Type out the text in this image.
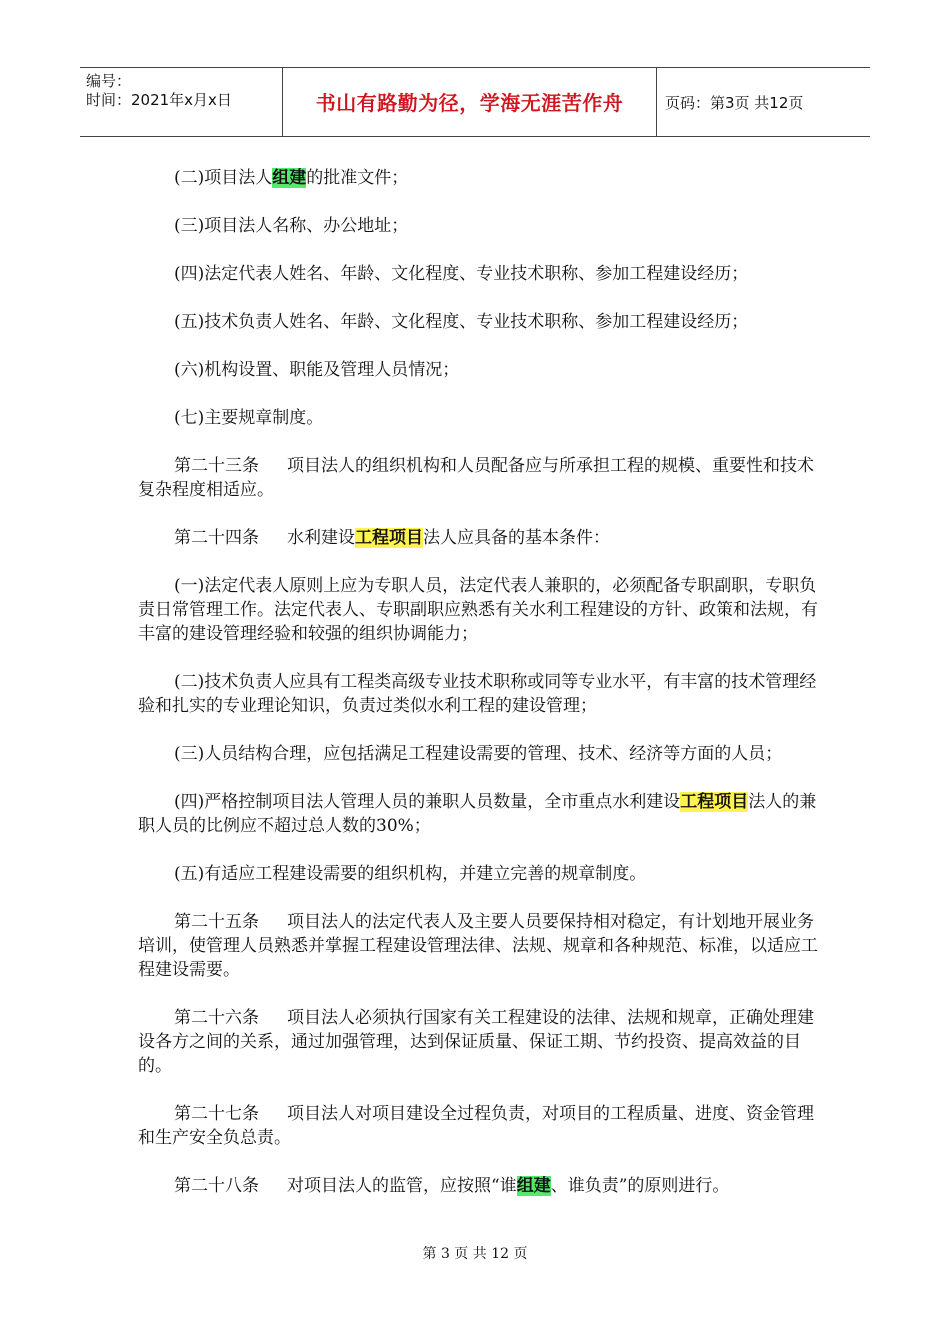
编号：
时间：2021年x月x日	书山有路勤为径，学海无涯苦作舟	页码：第3页 共12页

(二)项目法人组建的批准文件；

(三)项目法人名称、办公地址；

(四)法定代表人姓名、年龄、文化程度、专业技术职称、参加工程建设经历；

(五)技术负责人姓名、年龄、文化程度、专业技术职称、参加工程建设经历；

(六)机构设置、职能及管理人员情况；

(七)主要规章制度。

第二十三条 项目法人的组织机构和人员配备应与所承担工程的规模、重要性和技术复杂程度相适应。

第二十四条 水利建设工程项目法人应具备的基本条件：

(一)法定代表人原则上应为专职人员，法定代表人兼职的，必须配备专职副职，专职负责日常管理工作。法定代表人、专职副职应熟悉有关水利工程建设的方针、政策和法规，有丰富的建设管理经验和较强的组织协调能力；

(二)技术负责人应具有工程类高级专业技术职称或同等专业水平，有丰富的技术管理经验和扎实的专业理论知识，负责过类似水利工程的建设管理；

(三)人员结构合理，应包括满足工程建设需要的管理、技术、经济等方面的人员；

(四)严格控制项目法人管理人员的兼职人员数量，全市重点水利建设工程项目法人的兼职人员的比例应不超过总人数的30%；

(五)有适应工程建设需要的组织机构，并建立完善的规章制度。

第二十五条 项目法人的法定代表人及主要人员要保持相对稳定，有计划地开展业务培训，使管理人员熟悉并掌握工程建设管理法律、法规、规章和各种规范、标准，以适应工程建设需要。

第二十六条 项目法人必须执行国家有关工程建设的法律、法规和规章，正确处理建设各方之间的关系，通过加强管理，达到保证质量、保证工期、节约投资、提高效益的目的。

第二十七条 项目法人对项目建设全过程负责，对项目的工程质量、进度、资金管理和生产安全负总责。

第二十八条 对项目法人的监管，应按照“谁组建、谁负责”的原则进行。

第 3 页 共 12 页
